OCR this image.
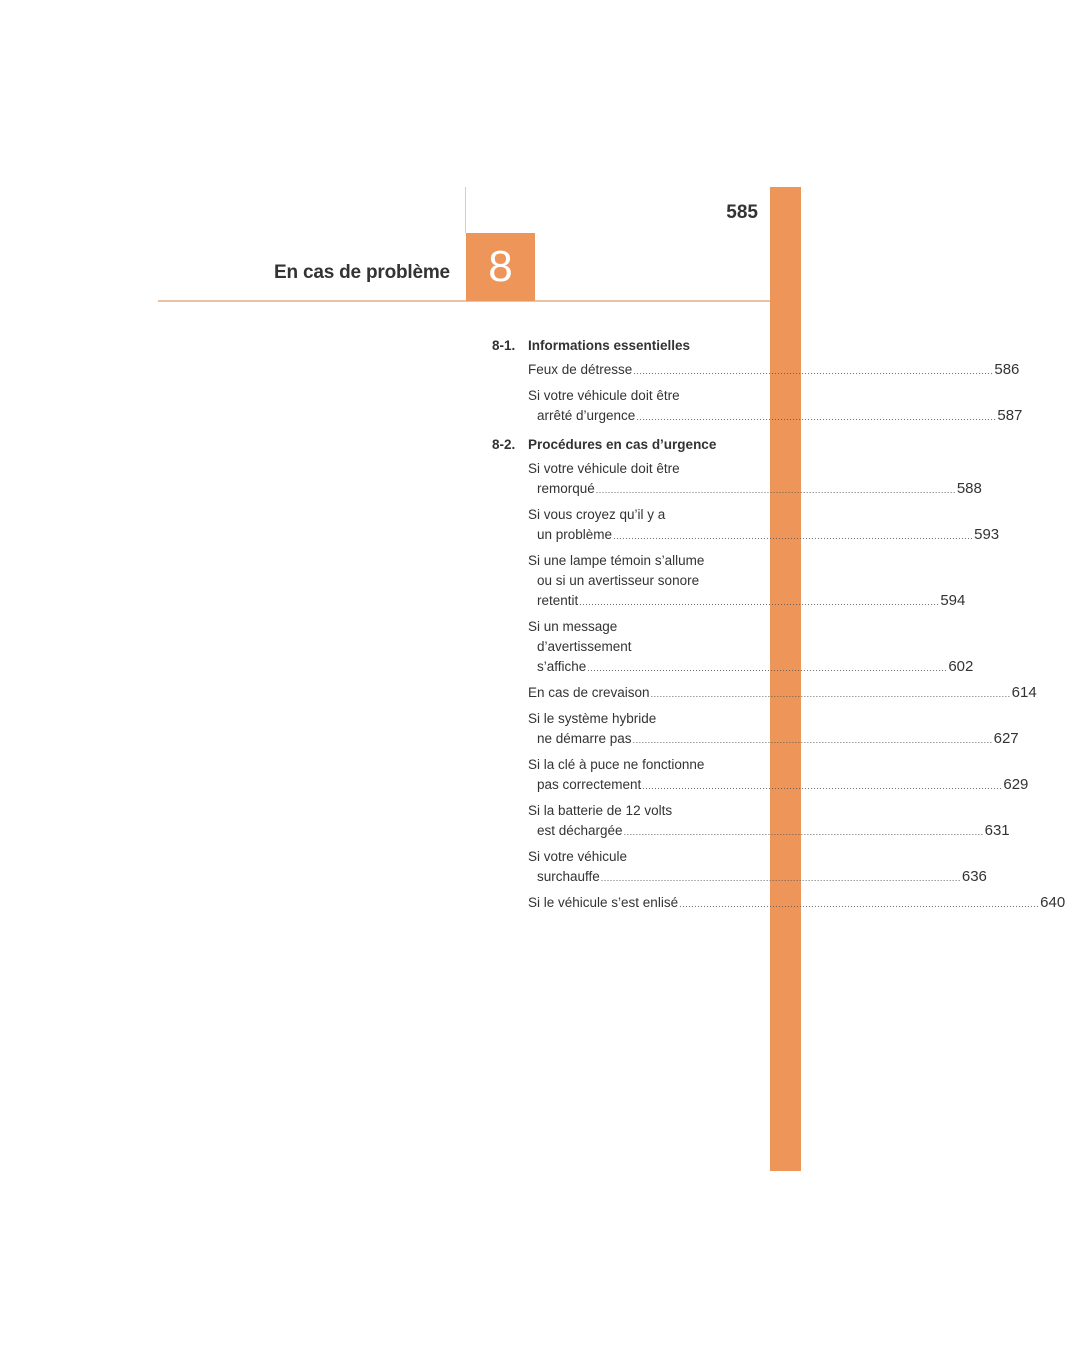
585
En cas de problème 8
8-1. Informations essentielles
Feux de détresse ........................................................................................................................ 586
Si votre véhicule doit être
arrêté d’urgence ........................................................................................................................ 587
8-2. Procédures en cas d’urgence
Si votre véhicule doit être
remorqué ........................................................................................................................ 588
Si vous croyez qu’il y a
un problème ........................................................................................................................ 593
Si une lampe témoin s’allume
ou si un avertisseur sonore
retentit ........................................................................................................................ 594
Si un message
d’avertissement
s’affiche ........................................................................................................................ 602
En cas de crevaison ........................................................................................................................ 614
Si le système hybride
ne démarre pas ........................................................................................................................ 627
Si la clé à puce ne fonctionne
pas correctement ........................................................................................................................ 629
Si la batterie de 12 volts
est déchargée ........................................................................................................................ 631
Si votre véhicule
surchauffe ........................................................................................................................ 636
Si le véhicule s’est enlisé ........................................................................................................................ 640
